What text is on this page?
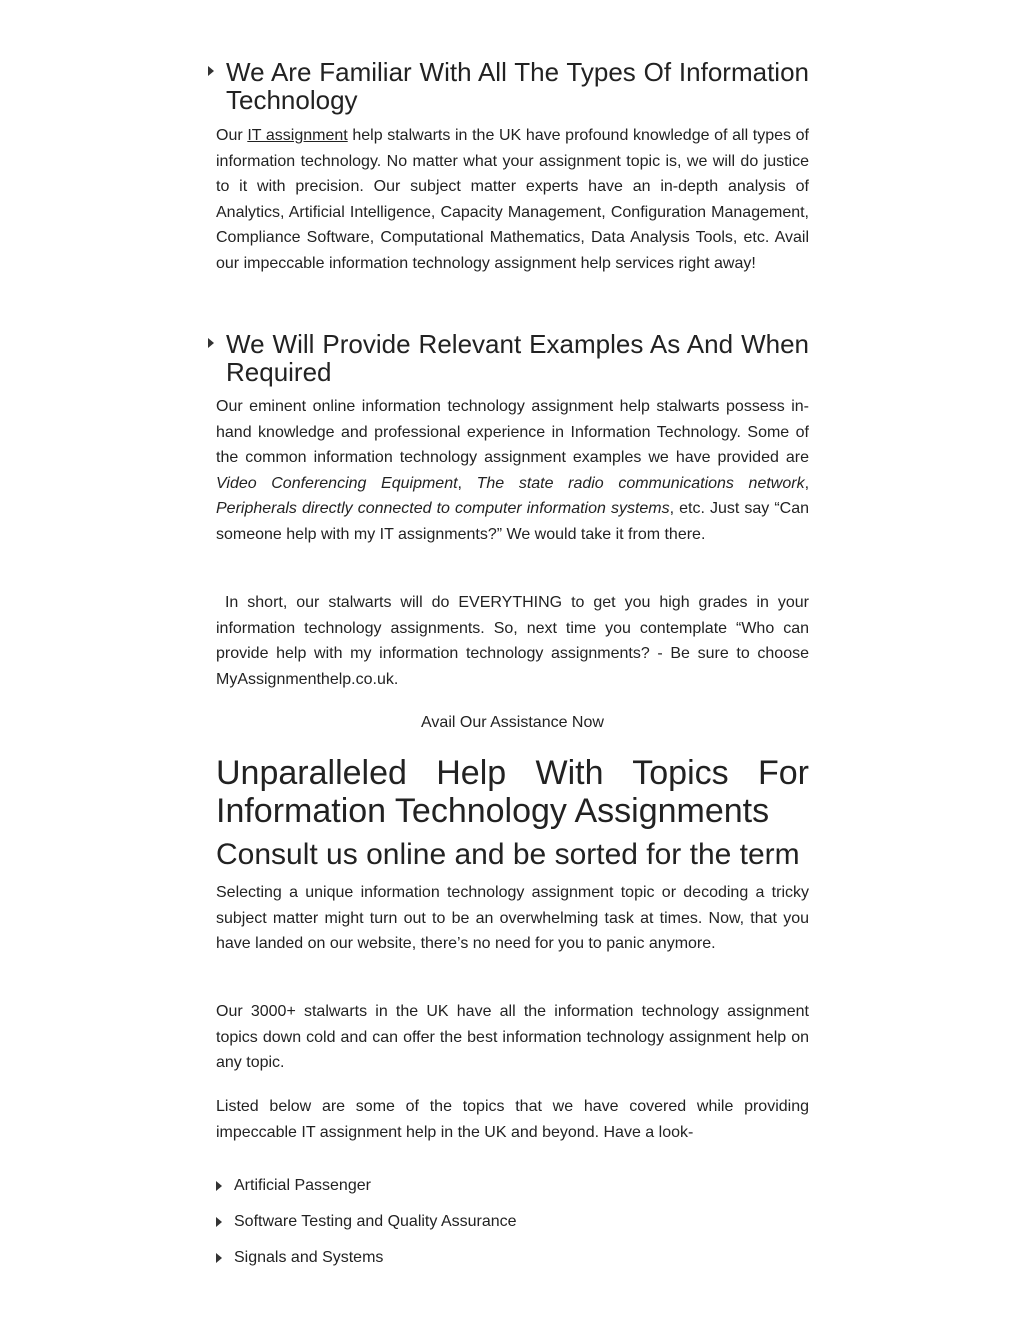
We Are Familiar With All The Types Of Information Technology

Our IT assignment help stalwarts in the UK have profound knowledge of all types of information technology. No matter what your assignment topic is, we will do justice to it with precision. Our subject matter experts have an in-depth analysis of Analytics, Artificial Intelligence, Capacity Management, Configuration Management, Compliance Software, Computational Mathematics, Data Analysis Tools, etc. Avail our impeccable information technology assignment help services right away!

We Will Provide Relevant Examples As And When Required

Our eminent online information technology assignment help stalwarts possess in-hand knowledge and professional experience in Information Technology. Some of the common information technology assignment examples we have provided are Video Conferencing Equipment, The state radio communications network, Peripherals directly connected to computer information systems, etc. Just say “Can someone help with my IT assignments?” We would take it from there.

In short, our stalwarts will do EVERYTHING to get you high grades in your information technology assignments. So, next time you contemplate “Who can provide help with my information technology assignments? - Be sure to choose MyAssignmenthelp.co.uk.

Avail Our Assistance Now
Unparalleled Help With Topics For Information Technology Assignments
Consult us online and be sorted for the term

Selecting a unique information technology assignment topic or decoding a tricky subject matter might turn out to be an overwhelming task at times. Now, that you have landed on our website, there’s no need for you to panic anymore.

Our 3000+ stalwarts in the UK have all the information technology assignment topics down cold and can offer the best information technology assignment help on any topic.

Listed below are some of the topics that we have covered while providing impeccable IT assignment help in the UK and beyond. Have a look-

Artificial Passenger
Software Testing and Quality Assurance
Signals and Systems
